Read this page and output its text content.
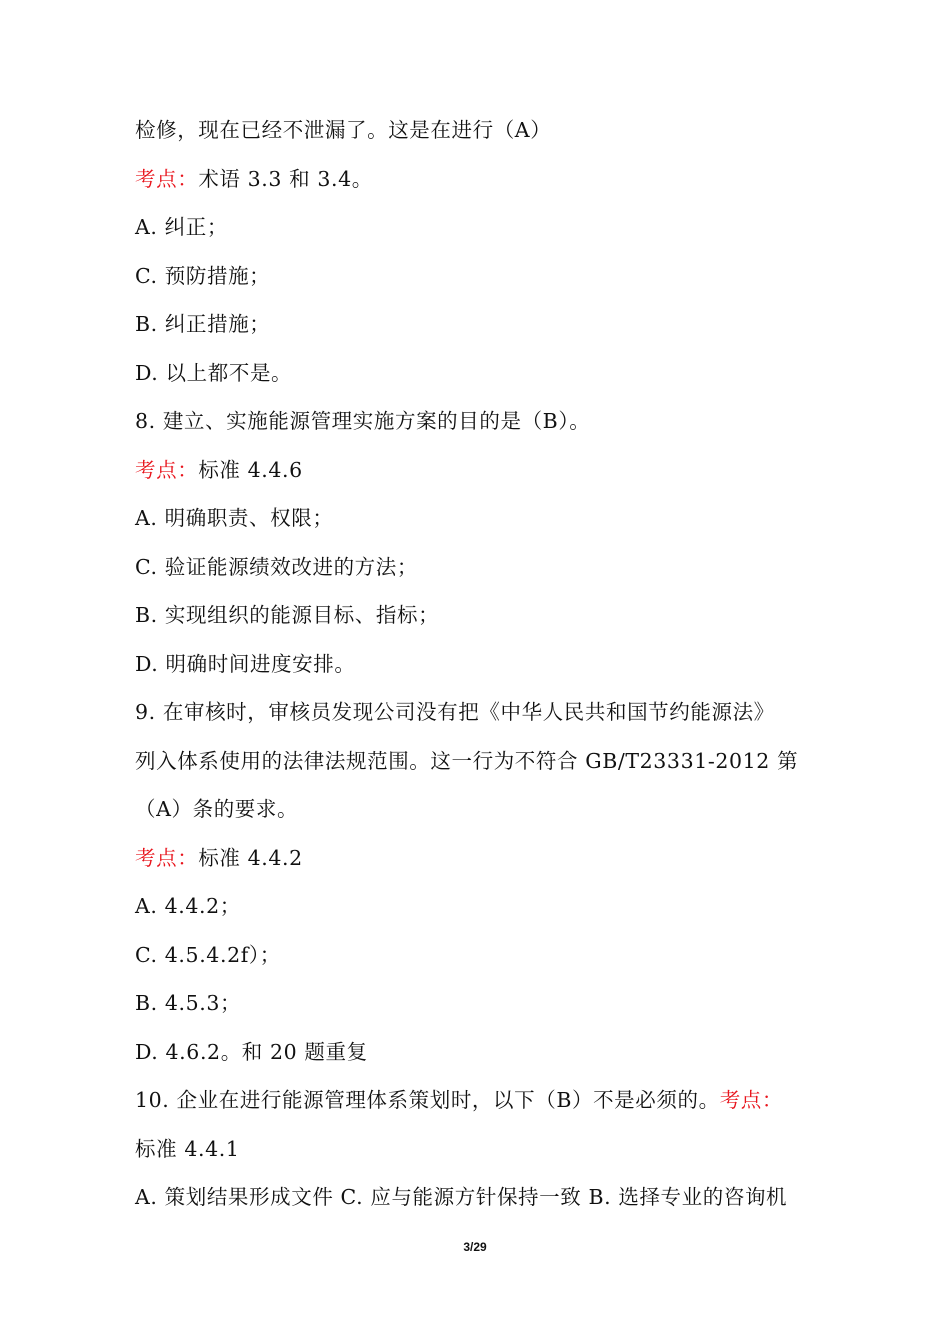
检修，现在已经不泄漏了。这是在进行（A）
考点：术语 3.3 和 3.4。
A. 纠正；
C. 预防措施；
B. 纠正措施；
D. 以上都不是。
8. 建立、实施能源管理实施方案的目的是（B）。
考点：标准 4.4.6
A. 明确职责、权限；
C. 验证能源绩效改进的方法；
B. 实现组织的能源目标、指标；
D. 明确时间进度安排。
9. 在审核时，审核员发现公司没有把《中华人民共和国节约能源法》
列入体系使用的法律法规范围。这一行为不符合 GB/T23331-2012 第
（A）条的要求。
考点：标准 4.4.2
A. 4.4.2；
C. 4.5.4.2f）；
B. 4.5.3；
D. 4.6.2。和 20 题重复
10. 企业在进行能源管理体系策划时，以下（B）不是必须的。考点：
标准 4.4.1
A. 策划结果形成文件 C. 应与能源方针保持一致 B. 选择专业的咨询机
3/29
